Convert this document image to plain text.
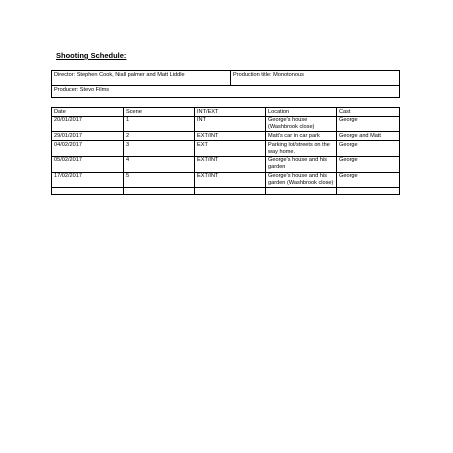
Shooting Schedule:
Director: Stephen Cook, Niall palmer and Matt Liddle	Production title: Monotonous
Producer: Stevo Films
Date	Scene	INT/EXT	Location	Cast
20/01/2017	1	INT	George's house (Washbrook close)	George
29/01/2017	2	EXT/INT	Matt's car in car park	George and Matt
04/02/2017	3	EXT	Parking lot/streets on the way home.	George
05/02/2017	4	EXT/INT	George's house and his garden	George
17/02/2017	5	EXT/INT	George's house and his garden (Washbrook close)	George
